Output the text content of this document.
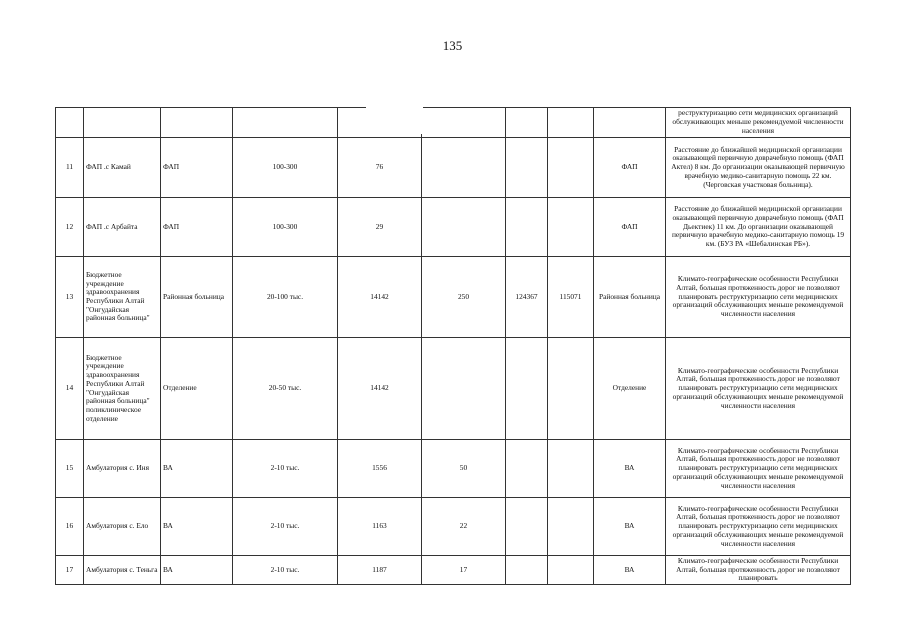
135
									реструктуризацию сети медицинских организаций обслуживающих меньше рекомендуемой численности населения
11	ФАП .с Камай	ФАП	100-300	76				ФАП	Расстояние до ближайшей медицинской организации оказывающей первичную доврачебную помощь (ФАП Актел) 8 км. До организации оказывающей первичную врачебную медико-санитарную помощь 22 км. (Черговская участковая больница).
12	ФАП .с Арбайта	ФАП	100-300	29				ФАП	Расстояние до ближайшей медицинской организации оказывающей первичную доврачебную помощь (ФАП Дьектиек) 11 км. До организации оказывающей первичную врачебную медико-санитарную помощь 19 км. (БУЗ РА «Шебалинская РБ»).
13	Бюджетное учреждение здравоохранения Республики Алтай "Онгудайская районная больница"	Районная больница	20-100 тыс.	14142	250	124367	115071	Районная больница	Климато-географические особенности Республики Алтай, большая протяженность дорог не позволяют планировать реструктуризацию сети медицинских организаций обслуживающих меньше рекомендуемой численности населения
14	Бюджетное учреждение здравоохранения Республики Алтай "Онгудайская районная больница" поликлиническое отделение	Отделение	20-50 тыс.	14142				Отделение	Климато-географические особенности Республики Алтай, большая протяженность дорог не позволяют планировать реструктуризацию сети медицинских организаций обслуживающих меньше рекомендуемой численности населения
15	Амбулатория с. Иня	ВА	2-10 тыс.	1556	50			ВА	Климато-географические особенности Республики Алтай, большая протяженность дорог не позволяют планировать реструктуризацию сети медицинских организаций обслуживающих меньше рекомендуемой численности населения
16	Амбулатория с. Ело	ВА	2-10 тыс.	1163	22			ВА	Климато-географические особенности Республики Алтай, большая протяженность дорог не позволяют планировать реструктуризацию сети медицинских организаций обслуживающих меньше рекомендуемой численности населения
17	Амбулатория с. Теньга	ВА	2-10 тыс.	1187	17			ВА	Климато-географические особенности Республики Алтай, большая протяженность дорог не позволяют планировать
